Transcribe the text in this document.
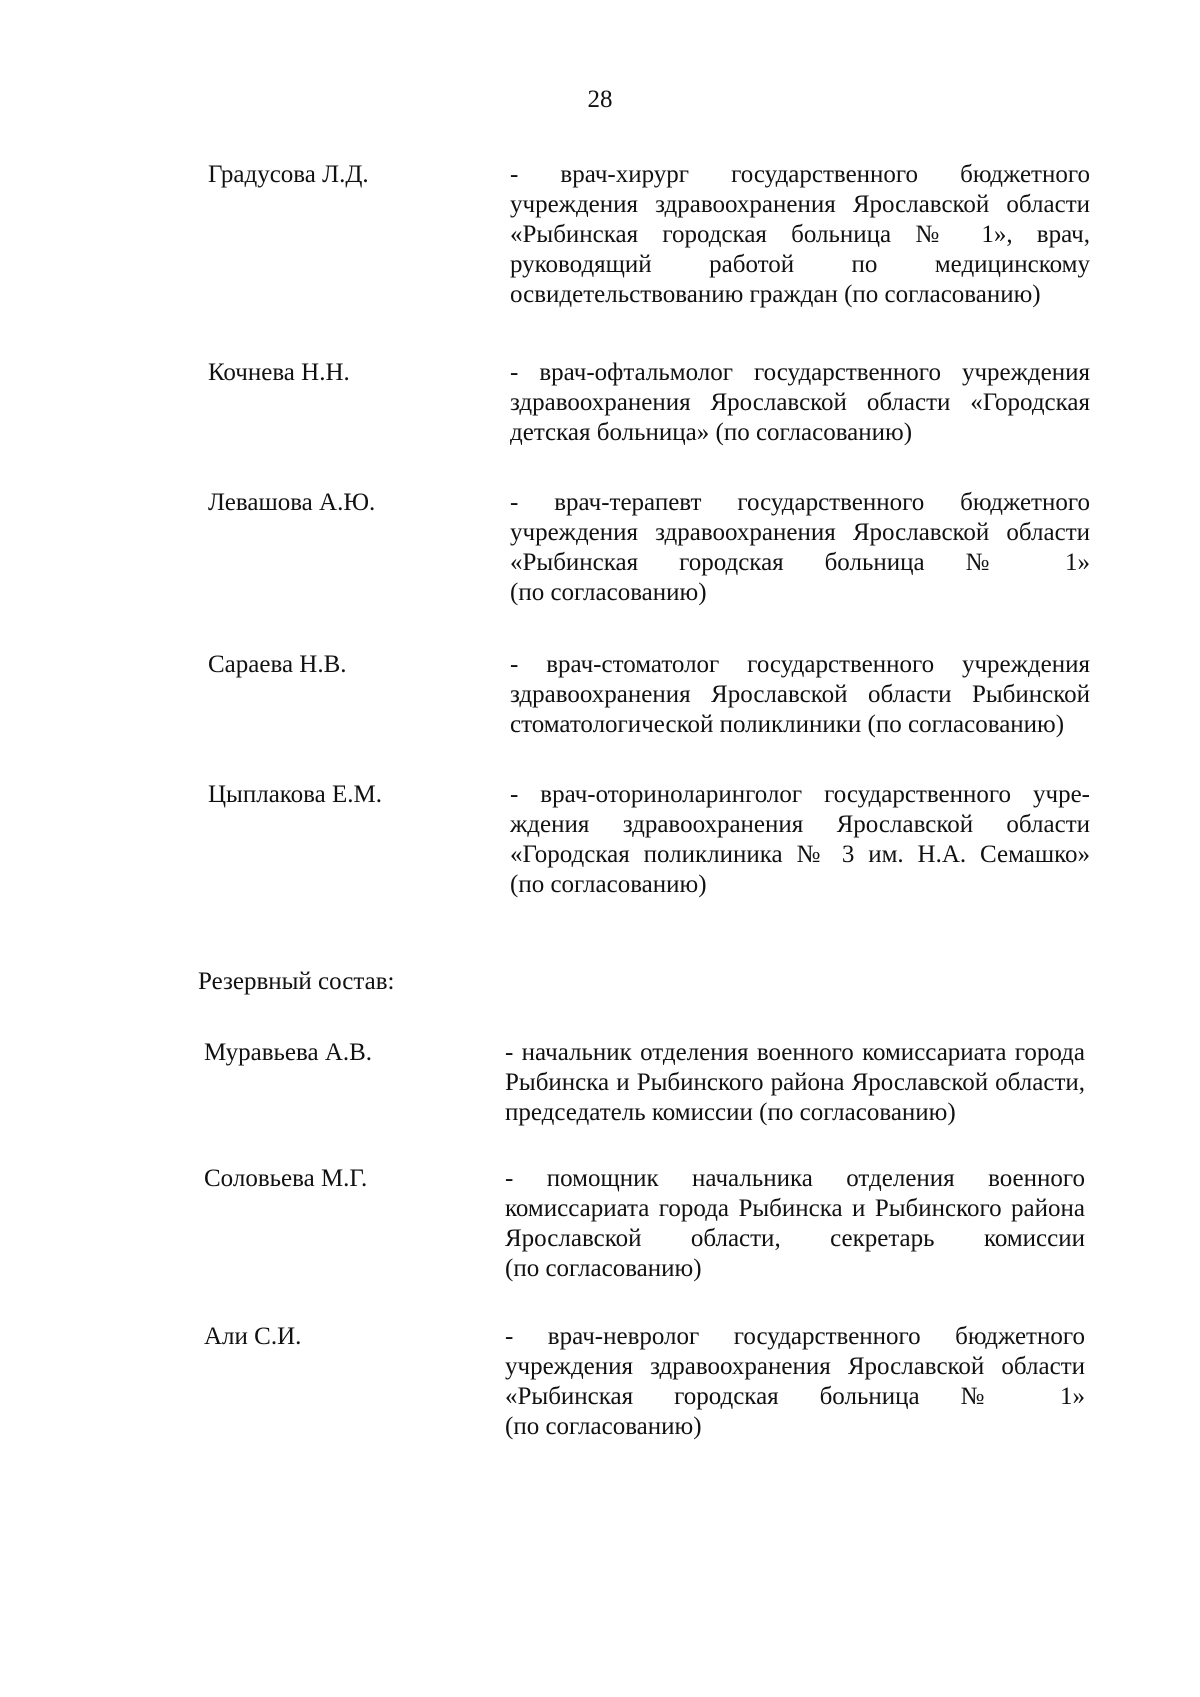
28
Градусова Л.Д.	- врач-хирург государственного бюджетного
учреждения здравоохранения Ярославской области
«Рыбинская городская больница № 1», врач,
руководящий работой по медицинскому
освидетельствованию граждан (по согласованию)
Кочнева Н.Н.	- врач-офтальмолог государственного учреждения
здравоохранения Ярославской области «Городская
детская больница» (по согласованию)
Левашова А.Ю.	- врач-терапевт государственного бюджетного
учреждения здравоохранения Ярославской области
«Рыбинская городская больница № 1»
(по согласованию)
Сараева Н.В.	- врач-стоматолог государственного учреждения
здравоохранения Ярославской области Рыбинской
стоматологической поликлиники (по согласованию)
Цыплакова Е.М.	- врач-оториноларинголог государственного учре-
ждения здравоохранения Ярославской области
«Городская поликлиника № 3 им. Н.А. Семашко»
(по согласованию)
Резервный состав:
Муравьева А.В.	- начальник отделения военного комиссариата города
Рыбинска и Рыбинского района Ярославской области,
председатель комиссии (по согласованию)
Соловьева М.Г.	- помощник начальника отделения военного
комиссариата города Рыбинска и Рыбинского района
Ярославской области, секретарь комиссии
(по согласованию)
Али С.И.	- врач-невролог государственного бюджетного
учреждения здравоохранения Ярославской области
«Рыбинская городская больница № 1»
(по согласованию)
